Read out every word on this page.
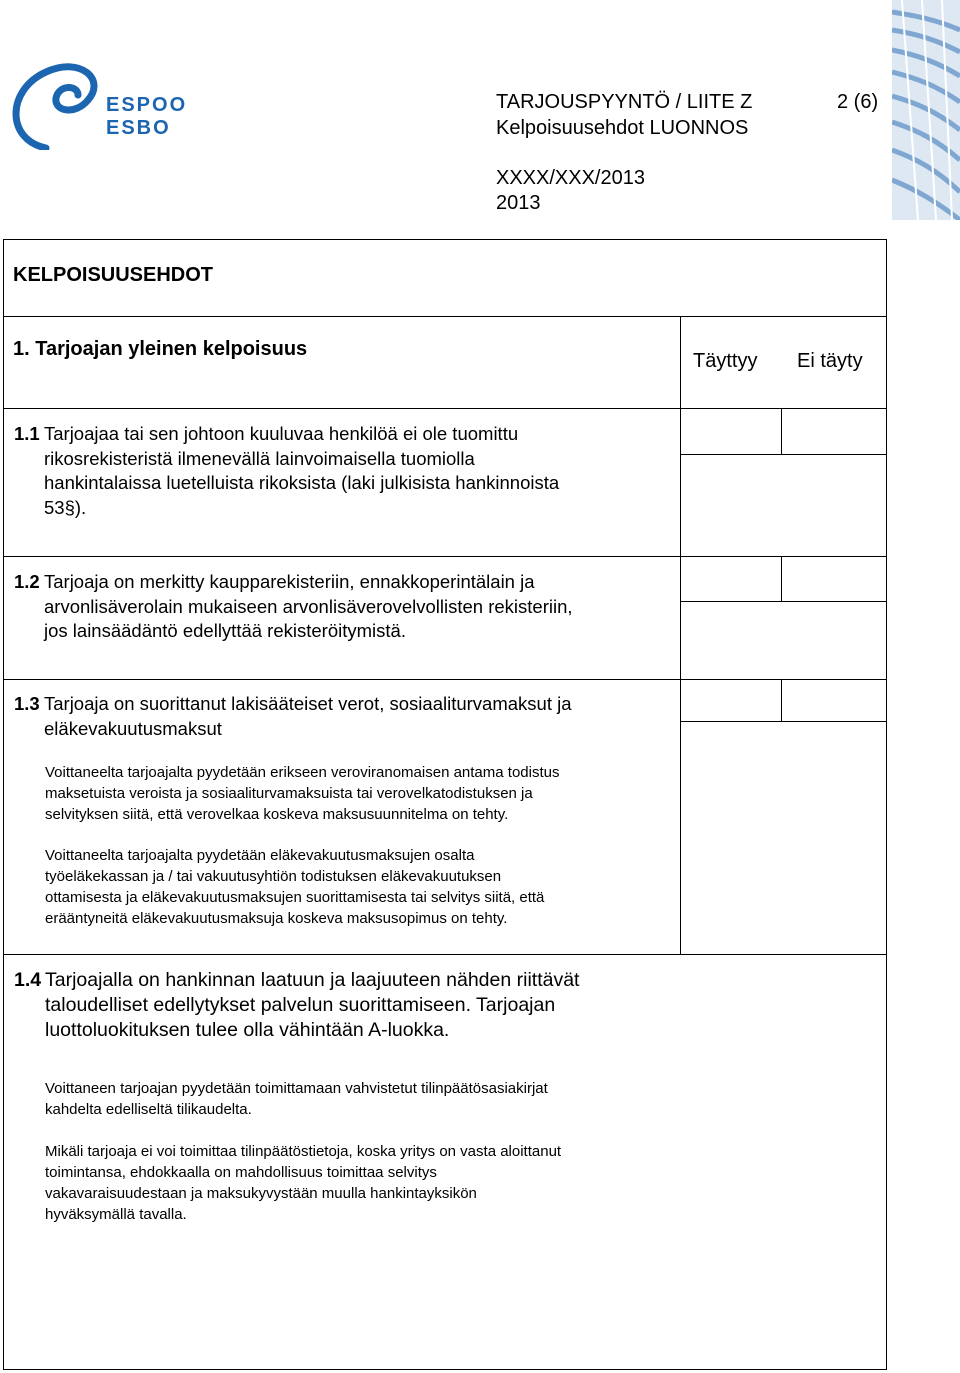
ESPOO
ESBO
TARJOUSPYYNTÖ / LIITE Z	2 (6)
Kelpoisuusehdot LUONNOS
XXXX/XXX/2013
2013
KELPOISUUSEHDOT
1. Tarjoajan yleinen kelpoisuus
Täyttyy Ei täyty
1.1 Tarjoajaa tai sen johtoon kuuluvaa henkilöä ei ole tuomittu
rikosrekisteristä ilmenevällä lainvoimaisella tuomiolla
hankintalaissa luetelluista rikoksista (laki julkisista hankinnoista
53§).
1.2 Tarjoaja on merkitty kaupparekisteriin, ennakkoperintälain ja
arvonlisäverolain mukaiseen arvonlisäverovelvollisten rekisteriin,
jos lainsäädäntö edellyttää rekisteröitymistä.
1.3 Tarjoaja on suorittanut lakisääteiset verot, sosiaaliturvamaksut ja
eläkevakuutusmaksut
Voittaneelta tarjoajalta pyydetään erikseen veroviranomaisen antama todistus
maksetuista veroista ja sosiaaliturvamaksuista tai verovelkatodistuksen ja
selvityksen siitä, että verovelkaa koskeva maksusuunnitelma on tehty.
Voittaneelta tarjoajalta pyydetään eläkevakuutusmaksujen osalta
työeläkekassan ja / tai vakuutusyhtiön todistuksen eläkevakuutuksen
ottamisesta ja eläkevakuutusmaksujen suorittamisesta tai selvitys siitä, että
erääntyneitä eläkevakuutusmaksuja koskeva maksusopimus on tehty.
1.4 Tarjoajalla on hankinnan laatuun ja laajuuteen nähden riittävät
taloudelliset edellytykset palvelun suorittamiseen. Tarjoajan
luottoluokituksen tulee olla vähintään A-luokka.
Voittaneen tarjoajan pyydetään toimittamaan vahvistetut tilinpäätösasiakirjat
kahdelta edelliseltä tilikaudelta.
Mikäli tarjoaja ei voi toimittaa tilinpäätöstietoja, koska yritys on vasta aloittanut
toimintansa, ehdokkaalla on mahdollisuus toimittaa selvitys
vakavaraisuudestaan ja maksukyvystään muulla hankintayksikön
hyväksymällä tavalla.
